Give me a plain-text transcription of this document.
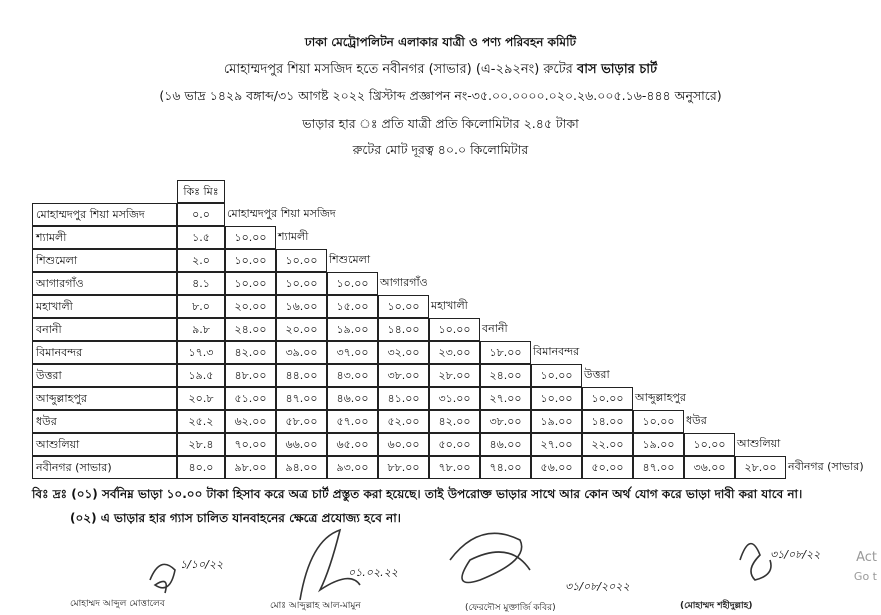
ঢাকা মেট্রোপলিটন এলাকার যাত্রী ও পণ্য পরিবহন কমিটি
মোহাম্মদপুর শিয়া মসজিদ হতে নবীনগর (সাভার) (এ-২৯২নং) রুটের বাস ভাড়ার চার্ট
(১৬ ভাদ্র ১৪২৯ বঙ্গাব্দ/৩১ আগষ্ট ২০২২ খ্রিস্টাব্দ প্রজ্ঞাপন নং-৩৫.০০.০০০০.০২০.২৬.০০৫.১৬-৪৪৪ অনুসারে)
ভাড়ার হার ঃ প্রতি যাত্রী প্রতি কিলোমিটার ২.৪৫ টাকা
রুটের মোট দূরত্ব ৪০.০ কিলোমিটার
কিঃ মিঃ
মোহাম্মদপুর শিয়া মসজিদ	০.০	মোহাম্মদপুর শিয়া মসজিদ
শ্যামলী	১.৫	১০.০০	শ্যামলী
শিশুমেলা	২.০	১০.০০	১০.০০	শিশুমেলা
আগারগাঁও	৪.১	১০.০০	১০.০০	১০.০০	আগারগাঁও
মহাখালী	৮.০	২০.০০	১৬.০০	১৫.০০	১০.০০	মহাখালী
বনানী	৯.৮	২৪.০০	২০.০০	১৯.০০	১৪.০০	১০.০০	বনানী
বিমানবন্দর	১৭.৩	৪২.০০	৩৯.০০	৩৭.০০	৩২.০০	২৩.০০	১৮.০০	বিমানবন্দর
উত্তরা	১৯.৫	৪৮.০০	৪৪.০০	৪৩.০০	৩৮.০০	২৮.০০	২৪.০০	১০.০০	উত্তরা
আব্দুল্লাহপুর	২০.৮	৫১.০০	৪৭.০০	৪৬.০০	৪১.০০	৩১.০০	২৭.০০	১০.০০	১০.০০	আব্দুল্লাহপুর
ধউর	২৫.২	৬২.০০	৫৮.০০	৫৭.০০	৫২.০০	৪২.০০	৩৮.০০	১৯.০০	১৪.০০	১০.০০	ধউর
আশুলিয়া	২৮.৪	৭০.০০	৬৬.০০	৬৫.০০	৬০.০০	৫০.০০	৪৬.০০	২৭.০০	২২.০০	১৯.০০	১০.০০	আশুলিয়া
নবীনগর (সাভার)	৪০.০	৯৮.০০	৯৪.০০	৯৩.০০	৮৮.০০	৭৮.০০	৭৪.০০	৫৬.০০	৫০.০০	৪৭.০০	৩৬.০০	২৮.০০	নবীনগর (সাভার)
বিঃ দ্রঃ (০১) সর্বনিম্ন ভাড়া ১০.০০ টাকা হিসাব করে অত্র চার্ট প্রস্তুত করা হয়েছে। তাই উপরোক্ত ভাড়ার সাথে আর কোন অর্থ যোগ করে ভাড়া দাবী করা যাবে না।
(০২) এ ভাড়ার হার গ্যাস চালিত যানবাহনের ক্ষেত্রে প্রযোজ্য হবে না।
১/১০/২২
মোহাম্মদ আব্দুল মোত্তালেব
০১.০২.২২
মোঃ আব্দুল্লাহ আল-মামুন
৩১/০৮/২০২২
(ফেরদৌস মুক্তার্জি কবির)
৩১/০৮/২২
(মোহাম্মদ শহীদুল্লাহ)
Act
Go t
